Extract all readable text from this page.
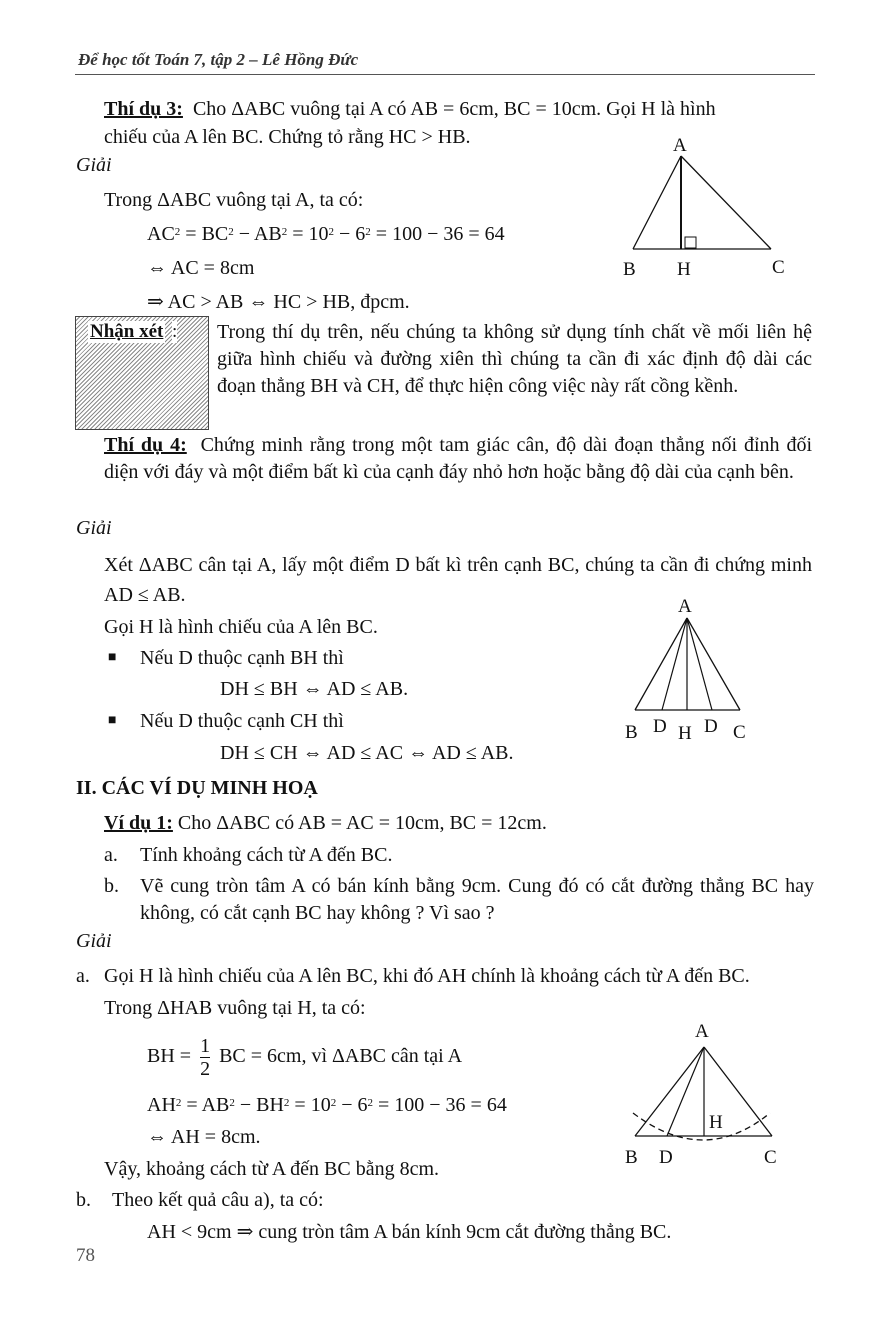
Để học tốt Toán 7, tập 2 – Lê Hồng Đức
Thí dụ 3: Cho ΔABC vuông tại A có AB = 6cm, BC = 10cm. Gọi H là hình
chiếu của A lên BC. Chứng tỏ rằng HC > HB.
Giải
Trong ΔABC vuông tại A, ta có:
$AC^2 = BC^2 - AB^2 = 10^2 - 6^2 = 100 - 36 = 64$
⇔ AC = 8cm
⇒ AC > AB ⇔ HC > HB, đpcm.
A
B H	C
Nhận xét : Trong thí dụ trên, nếu chúng ta không sử dụng tính chất về mối liên hệ giữa hình chiếu và đường xiên thì chúng ta cần đi xác định độ dài các đoạn thẳng BH và CH, để thực hiện công việc này rất cồng kềnh.
Thí dụ 4: Chứng minh rằng trong một tam giác cân, độ dài đoạn thẳng nối đỉnh đối diện với đáy và một điểm bất kì của cạnh đáy nhỏ hơn hoặc bằng độ dài của cạnh bên.
Giải
Xét ΔABC cân tại A, lấy một điểm D bất kì trên cạnh BC, chúng ta cần đi chứng minh AD ≤ AB.
Gọi H là hình chiếu của A lên BC.
■ Nếu D thuộc cạnh BH thì
DH ≤ BH ⇔ AD ≤ AB.
■ Nếu D thuộc cạnh CH thì
DH ≤ CH ⇔ AD ≤ AC ⇔ AD ≤ AB.
A
B D H D C
II. CÁC VÍ DỤ MINH HOẠ
Ví dụ 1: Cho ΔABC có AB = AC = 10cm, BC = 12cm.
a. Tính khoảng cách từ A đến BC.
b. Vẽ cung tròn tâm A có bán kính bằng 9cm. Cung đó có cắt đường thẳng BC hay không, có cắt cạnh BC hay không ? Vì sao ?
Giải
a. Gọi H là hình chiếu của A lên BC, khi đó AH chính là khoảng cách từ A đến BC.
Trong ΔHAB vuông tại H, ta có:
BH = $\frac{1}{2}$ BC = 6cm, vì ΔABC cân tại A
$AH^2 = AB^2 - BH^2 = 10^2 - 6^2 = 100 - 36 = 64$
⇔ AH = 8cm.
Vậy, khoảng cách từ A đến BC bằng 8cm.
b. Theo kết quả câu a), ta có:
AH < 9cm ⇒ cung tròn tâm A bán kính 9cm cắt đường thẳng BC.
A
H
B D	C
78
